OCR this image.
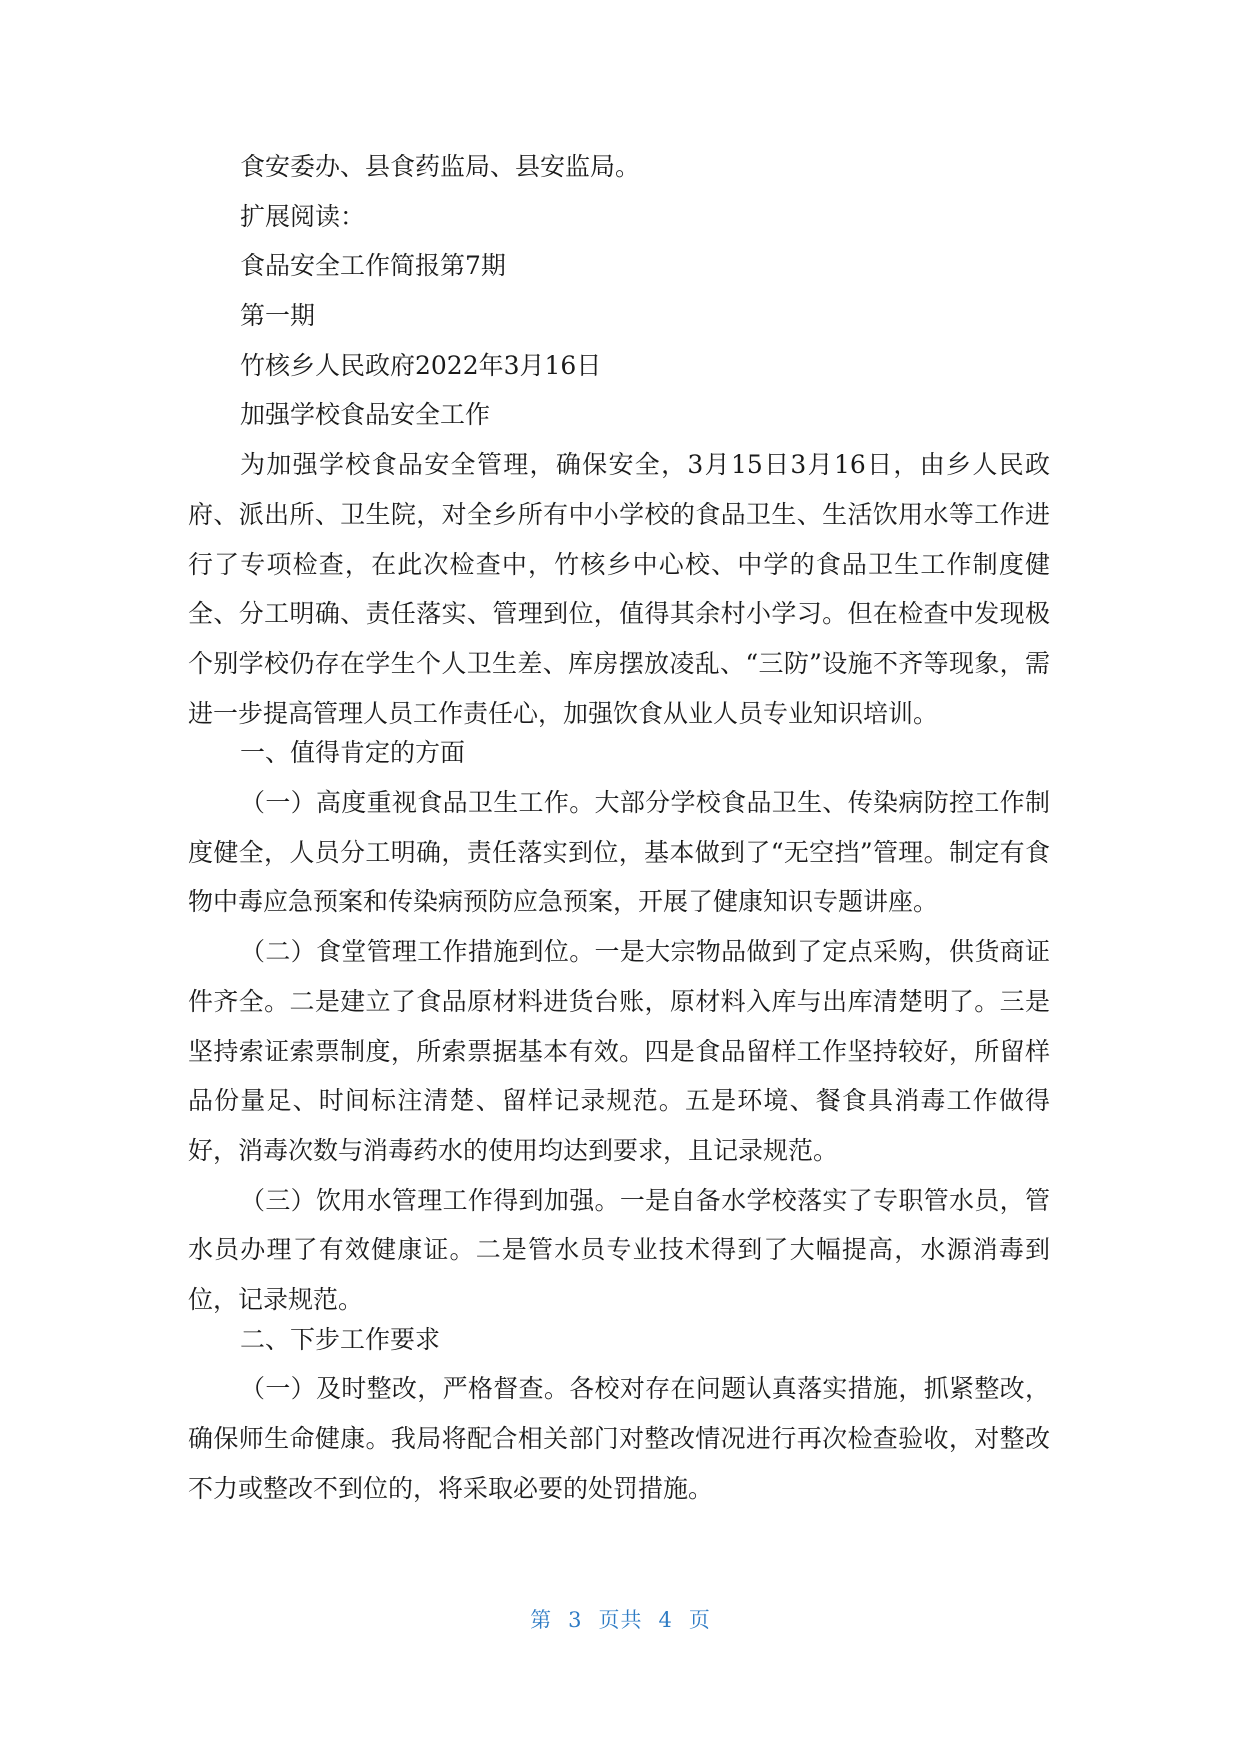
食安委办、县食药监局、县安监局。
扩展阅读：
食品安全工作简报第7期
第一期
竹核乡人民政府2022年3月16日
加强学校食品安全工作

为加强学校食品安全管理，确保安全，3月15日3月16日，由乡人民政府、派出所、卫生院，对全乡所有中小学校的食品卫生、生活饮用水等工作进行了专项检查，在此次检查中，竹核乡中心校、中学的食品卫生工作制度健全、分工明确、责任落实、管理到位，值得其余村小学习。但在检查中发现极个别学校仍存在学生个人卫生差、库房摆放凌乱、“三防”设施不齐等现象，需进一步提高管理人员工作责任心，加强饮食从业人员专业知识培训。

一、值得肯定的方面

（一）高度重视食品卫生工作。大部分学校食品卫生、传染病防控工作制度健全，人员分工明确，责任落实到位，基本做到了“无空挡”管理。制定有食物中毒应急预案和传染病预防应急预案，开展了健康知识专题讲座。

（二）食堂管理工作措施到位。一是大宗物品做到了定点采购，供货商证件齐全。二是建立了食品原材料进货台账，原材料入库与出库清楚明了。三是坚持索证索票制度，所索票据基本有效。四是食品留样工作坚持较好，所留样品份量足、时间标注清楚、留样记录规范。五是环境、餐食具消毒工作做得好，消毒次数与消毒药水的使用均达到要求，且记录规范。

（三）饮用水管理工作得到加强。一是自备水学校落实了专职管水员，管水员办理了有效健康证。二是管水员专业技术得到了大幅提高，水源消毒到位，记录规范。

二、下步工作要求

（一）及时整改，严格督查。各校对存在问题认真落实措施，抓紧整改，确保师生命健康。我局将配合相关部门对整改情况进行再次检查验收，对整改不力或整改不到位的，将采取必要的处罚措施。

第 3 页共 4 页
